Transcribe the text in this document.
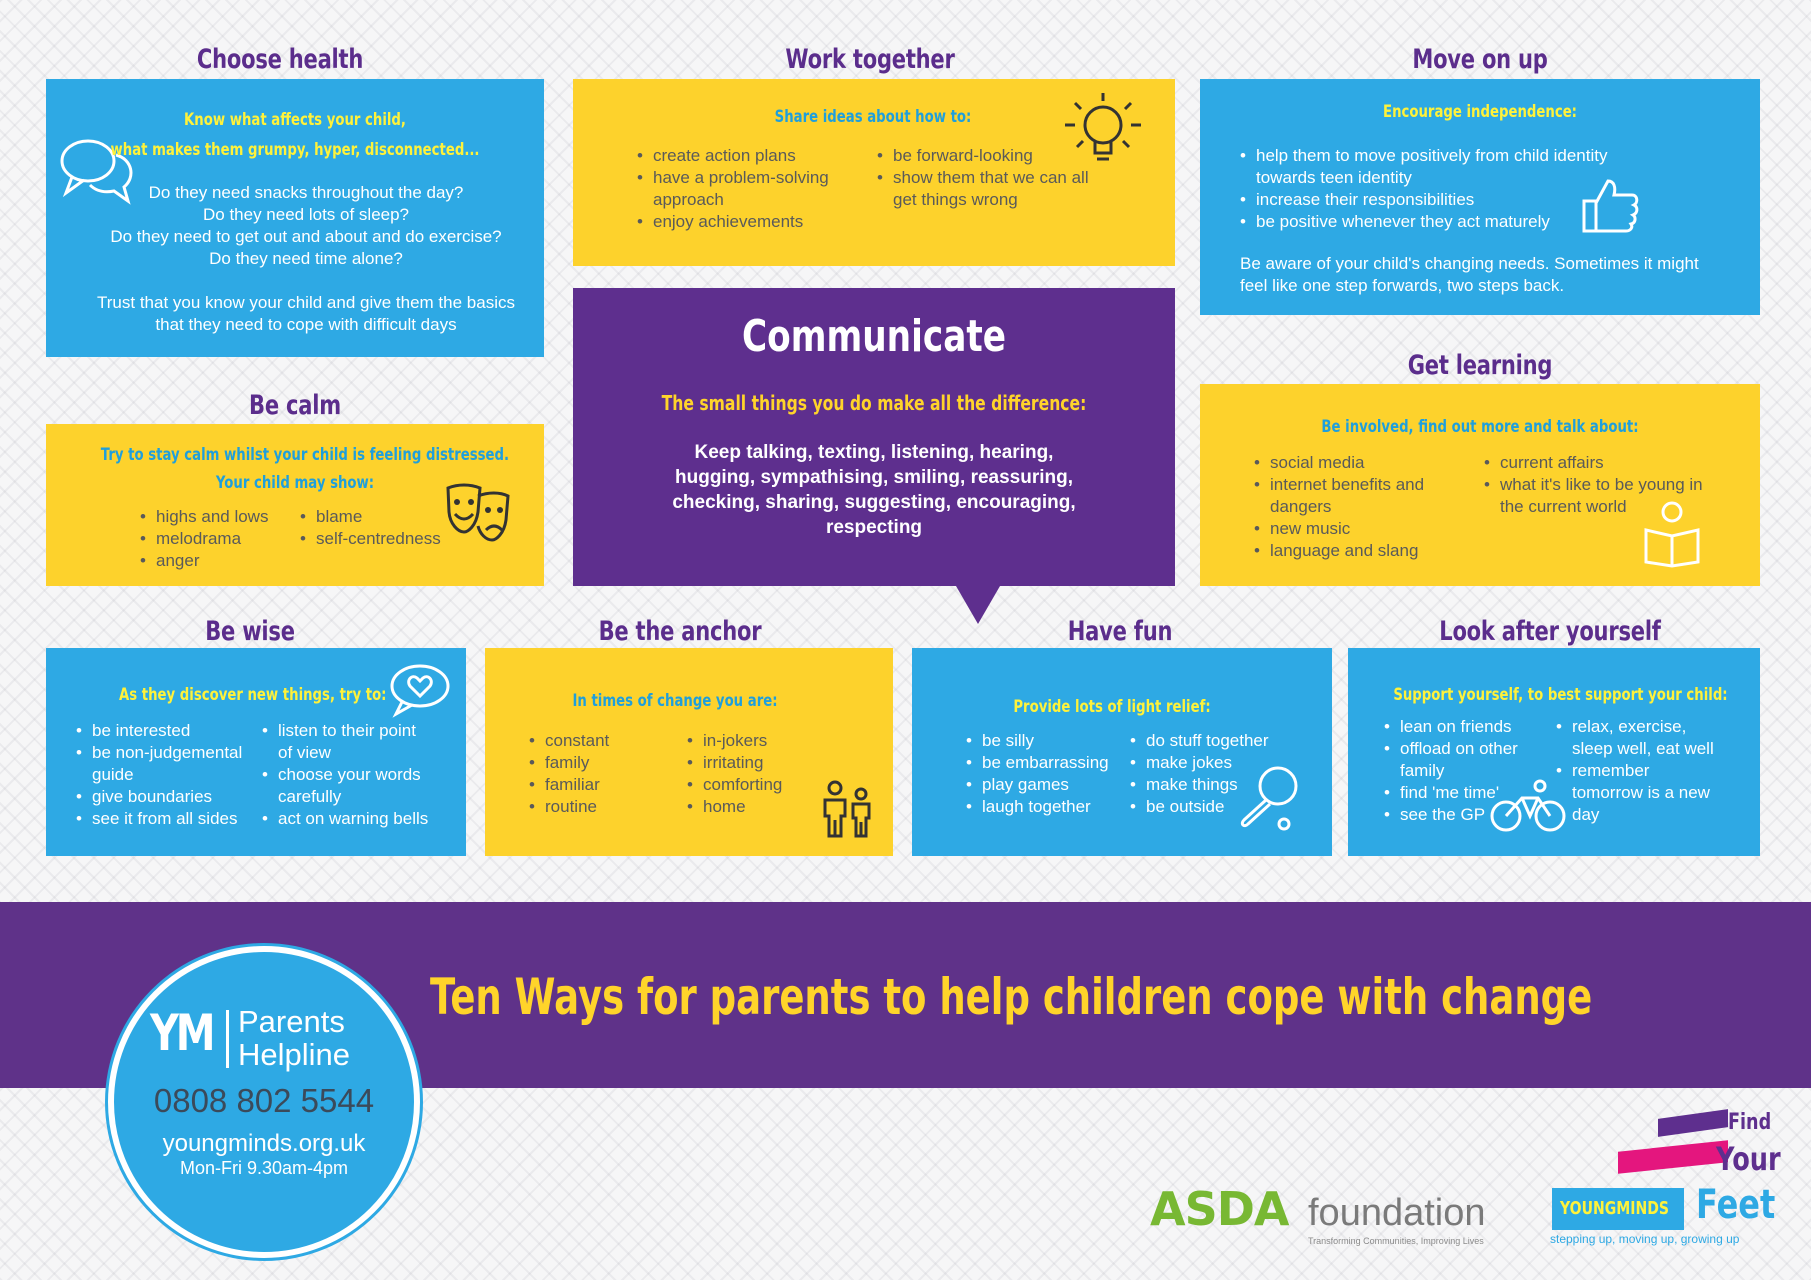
Choose health
Know what affects your child,
what makes them grumpy, hyper, disconnected...
Do they need snacks throughout the day?
Do they need lots of sleep?
Do they need to get out and about and do exercise?
Do they need time alone?
Trust that you know your child and give them the basics
that they need to cope with difficult days
Work together
Share ideas about how to:
• create action plans
• have a problem-solving approach
• enjoy achievements
• be forward-looking
• show them that we can all get things wrong
Move on up
Encourage independence:
• help them to move positively from child identity towards teen identity
• increase their responsibilities
• be positive whenever they act maturely
Be aware of your child's changing needs. Sometimes it might feel like one step forwards, two steps back.
Communicate
The small things you do make all the difference:
Keep talking, texting, listening, hearing, hugging, sympathising, smiling, reassuring, checking, sharing, suggesting, encouraging, respecting
Be calm
Try to stay calm whilst your child is feeling distressed.
Your child may show:
• highs and lows
• melodrama
• anger
• blame
• self-centredness
Get learning
Be involved, find out more and talk about:
• social media
• internet benefits and dangers
• new music
• language and slang
• current affairs
• what it's like to be young in the current world
Be wise
As they discover new things, try to:
• be interested
• be non-judgemental guide
• give boundaries
• see it from all sides
• listen to their point of view
• choose your words carefully
• act on warning bells
Be the anchor
In times of change you are:
• constant
• family
• familiar
• routine
• in-jokers
• irritating
• comforting
• home
Have fun
Provide lots of light relief:
• be silly
• be embarrassing
• play games
• laugh together
• do stuff together
• make jokes
• make things
• be outside
Look after yourself
Support yourself, to best support your child:
• lean on friends
• offload on other family
• find 'me time'
• see the GP
• relax, exercise, sleep well, eat well
• remember tomorrow is a new day
Ten Ways for parents to help children cope with change
YM Parents
Helpline
0808 802 5544
youngminds.org.uk
Mon-Fri 9.30am-4pm
ASDA foundation
Transforming Communities, Improving Lives
YOUNGMINDS
Find
Your
Feet
stepping up, moving up, growing up
